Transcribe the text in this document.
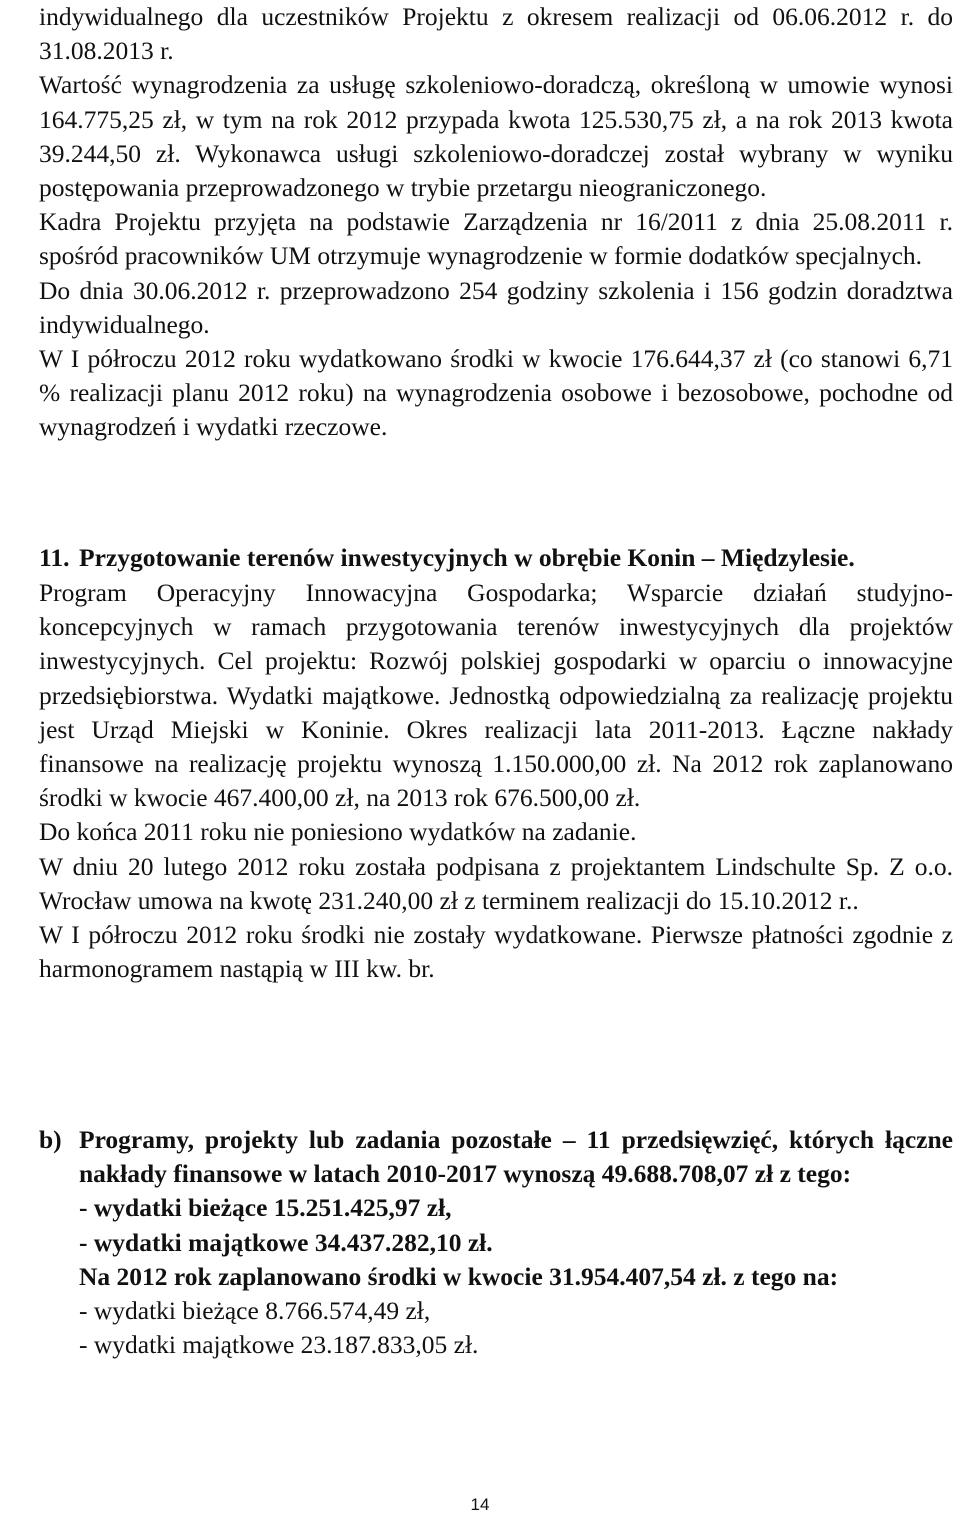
indywidualnego dla uczestników Projektu z okresem realizacji od 06.06.2012 r. do 31.08.2013 r.

Wartość wynagrodzenia za usługę szkoleniowo-doradczą, określoną w umowie wynosi 164.775,25 zł, w tym na rok 2012 przypada kwota 125.530,75 zł, a na rok 2013 kwota 39.244,50 zł. Wykonawca usługi szkoleniowo-doradczej został wybrany w wyniku postępowania przeprowadzonego w trybie przetargu nieograniczonego.

Kadra Projektu przyjęta na podstawie Zarządzenia nr 16/2011 z dnia 25.08.2011 r. spośród pracowników UM otrzymuje wynagrodzenie w formie dodatków specjalnych.

Do dnia 30.06.2012 r. przeprowadzono 254 godziny szkolenia i 156 godzin doradztwa indywidualnego.

W I półroczu 2012 roku wydatkowano środki w kwocie 176.644,37 zł (co stanowi 6,71 % realizacji planu 2012 roku) na wynagrodzenia osobowe i bezosobowe, pochodne od wynagrodzeń i wydatki rzeczowe.

11. Przygotowanie terenów inwestycyjnych w obrębie Konin – Międzylesie.

Program Operacyjny Innowacyjna Gospodarka; Wsparcie działań studyjno-koncepcyjnych w ramach przygotowania terenów inwestycyjnych dla projektów inwestycyjnych. Cel projektu: Rozwój polskiej gospodarki w oparciu o innowacyjne przedsiębiorstwa. Wydatki majątkowe. Jednostką odpowiedzialną za realizację projektu jest Urząd Miejski w Koninie. Okres realizacji lata 2011-2013. Łączne nakłady finansowe na realizację projektu wynoszą 1.150.000,00 zł. Na 2012 rok zaplanowano środki w kwocie 467.400,00 zł, na 2013 rok 676.500,00 zł.

Do końca 2011 roku nie poniesiono wydatków na zadanie.

W dniu 20 lutego 2012 roku została podpisana z projektantem Lindschulte Sp. Z o.o. Wrocław umowa na kwotę 231.240,00 zł z terminem realizacji do 15.10.2012 r..

W I półroczu 2012 roku środki nie zostały wydatkowane. Pierwsze płatności zgodnie z harmonogramem nastąpią w III kw. br.

b) Programy, projekty lub zadania pozostałe – 11 przedsięwzięć, których łączne nakłady finansowe w latach 2010-2017 wynoszą 49.688.708,07 zł z tego:

- wydatki bieżące 15.251.425,97 zł,

- wydatki majątkowe 34.437.282,10 zł.

Na 2012 rok zaplanowano środki w kwocie 31.954.407,54 zł. z tego na:

- wydatki bieżące 8.766.574,49 zł,

- wydatki majątkowe 23.187.833,05 zł.

14
